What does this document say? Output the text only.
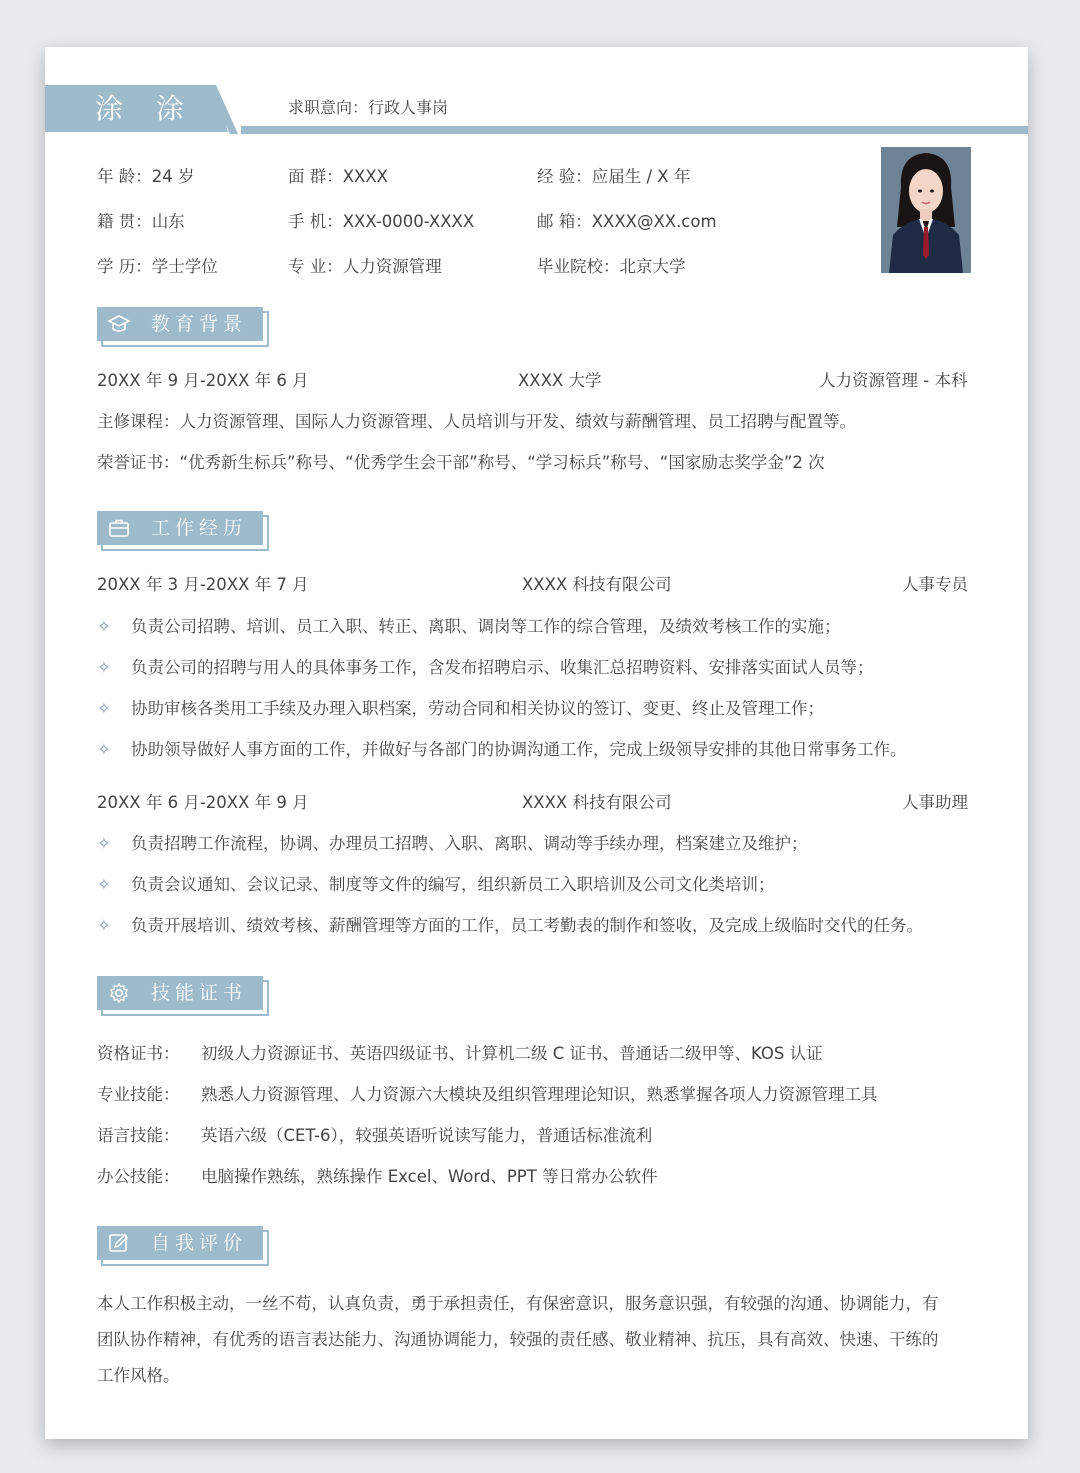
涂 涂	求职意向：行政人事岗
年 龄：24 岁	面 群：XXXX	经 验：应届生 / X 年
籍 贯：山东	手 机：XXX-0000-XXXX	邮 箱：XXXX@XX.com
学 历：学士学位	专 业：人力资源管理	毕业院校：北京大学
教育背景
20XX 年 9 月-20XX 年 6 月	XXXX 大学	人力资源管理 - 本科
主修课程：人力资源管理、国际人力资源管理、人员培训与开发、绩效与薪酬管理、员工招聘与配置等。
荣誉证书：“优秀新生标兵”称号、“优秀学生会干部”称号、“学习标兵”称号、“国家励志奖学金”2 次
工作经历
20XX 年 3 月-20XX 年 7 月	XXXX 科技有限公司	人事专员
✧ 负责公司招聘、培训、员工入职、转正、离职、调岗等工作的综合管理，及绩效考核工作的实施；
✧ 负责公司的招聘与用人的具体事务工作，含发布招聘启示、收集汇总招聘资料、安排落实面试人员等；
✧ 协助审核各类用工手续及办理入职档案，劳动合同和相关协议的签订、变更、终止及管理工作；
✧ 协助领导做好人事方面的工作，并做好与各部门的协调沟通工作，完成上级领导安排的其他日常事务工作。
20XX 年 6 月-20XX 年 9 月	XXXX 科技有限公司	人事助理
✧ 负责招聘工作流程，协调、办理员工招聘、入职、离职、调动等手续办理，档案建立及维护；
✧ 负责会议通知、会议记录、制度等文件的编写，组织新员工入职培训及公司文化类培训；
✧ 负责开展培训、绩效考核、薪酬管理等方面的工作，员工考勤表的制作和签收，及完成上级临时交代的任务。
技能证书
资格证书： 初级人力资源证书、英语四级证书、计算机二级 C 证书、普通话二级甲等、KOS 认证
专业技能： 熟悉人力资源管理、人力资源六大模块及组织管理理论知识，熟悉掌握各项人力资源管理工具
语言技能： 英语六级（CET-6），较强英语听说读写能力，普通话标准流利
办公技能： 电脑操作熟练，熟练操作 Excel、Word、PPT 等日常办公软件
自我评价
本人工作积极主动，一丝不苟，认真负责，勇于承担责任，有保密意识，服务意识强，有较强的沟通、协调能力，有
团队协作精神，有优秀的语言表达能力、沟通协调能力，较强的责任感、敬业精神、抗压，具有高效、快速、干练的
工作风格。
